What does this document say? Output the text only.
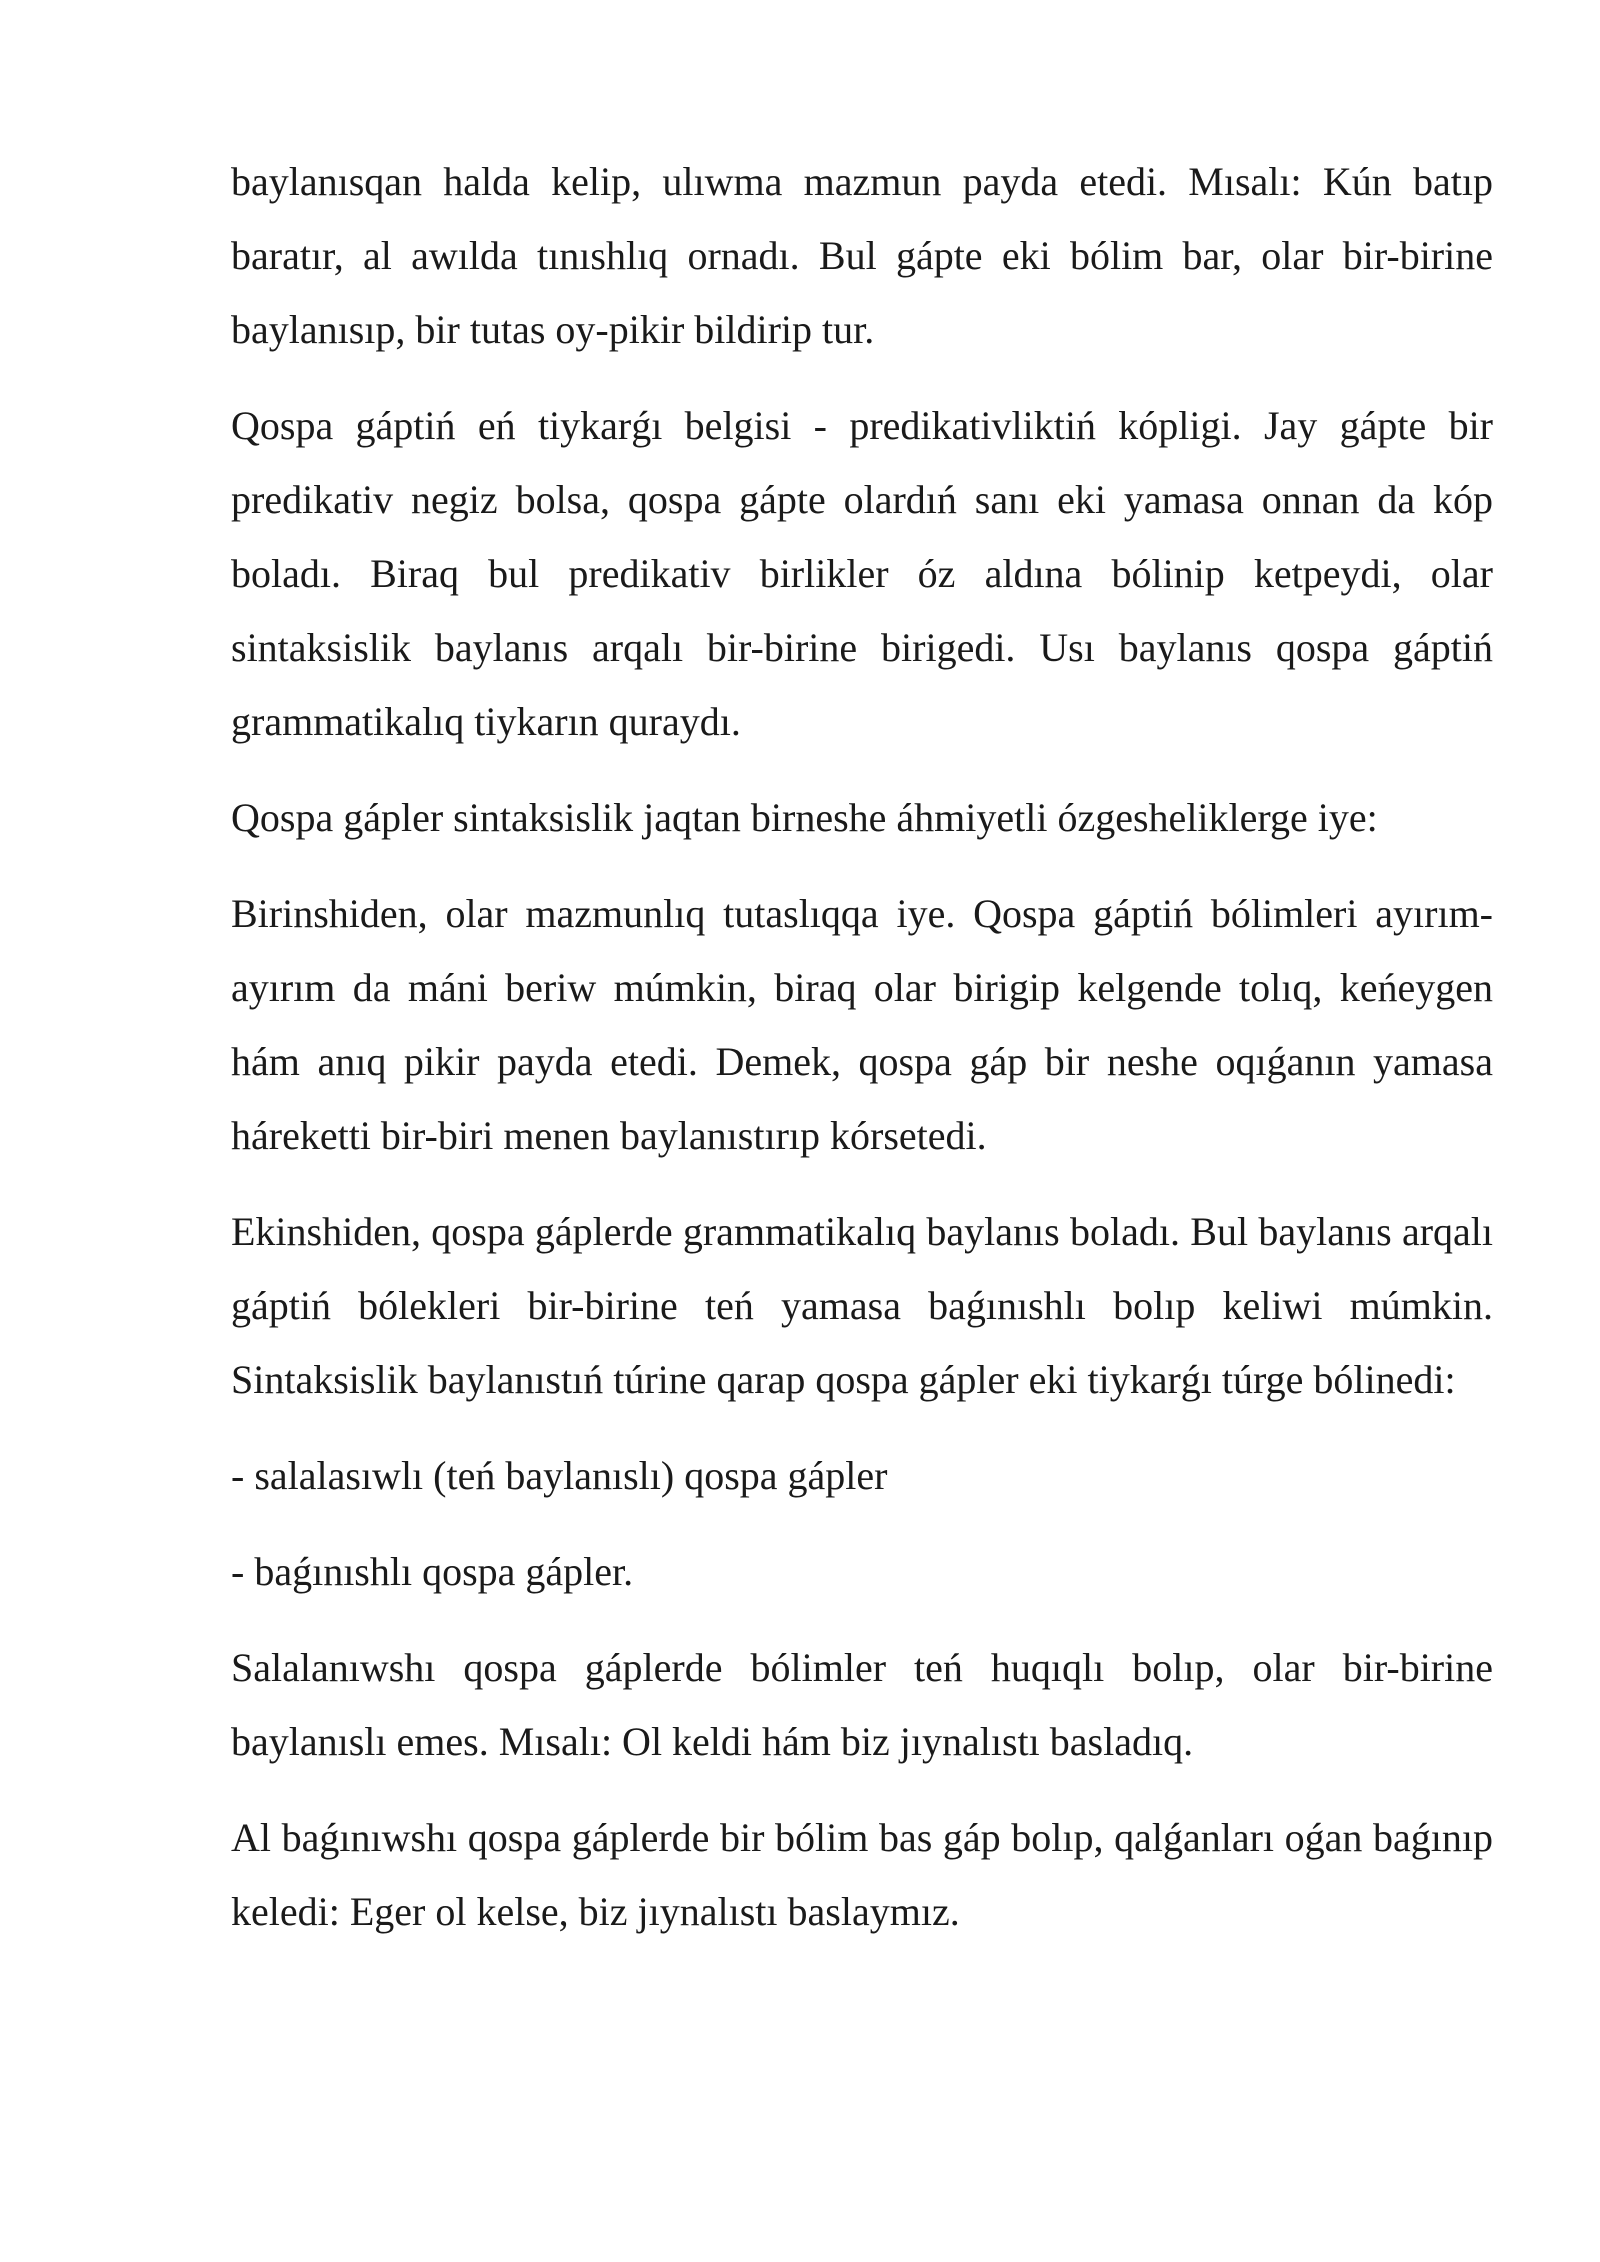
baylanısqan halda kelip, ulıwma mazmun payda etedi. Mısalı: Kún batıp baratır, al awılda tınıshlıq ornadı. Bul gápte eki bólim bar, olar bir-birine baylanısıp, bir tutas oy-pikir bildirip tur.

Qospa gáptiń eń tiykarǵı belgisi - predikativliktiń kópligi. Jay gápte bir predikativ negiz bolsa, qospa gápte olardıń sanı eki yamasa onnan da kóp boladı. Biraq bul predikativ birlikler óz aldına bólinip ketpeydi, olar sintaksislik baylanıs arqalı bir-birine birigedi. Usı baylanıs qospa gáptiń grammatikalıq tiykarın quraydı.

Qospa gápler sintaksislik jaqtan birneshe áhmiyetli ózgesheliklerge iye:

Birinshiden, olar mazmunlıq tutaslıqqa iye. Qospa gáptiń bólimleri ayırım-ayırım da máni beriw múmkin, biraq olar birigip kelgende tolıq, keńeygen hám anıq pikir payda etedi. Demek, qospa gáp bir neshe oqıǵanın yamasa háreketti bir-biri menen baylanıstırıp kórsetedi.

Ekinshiden, qospa gáplerde grammatikalıq baylanıs boladı. Bul baylanıs arqalı gáptiń bólekleri bir-birine teń yamasa baǵınıshlı bolıp keliwi múmkin. Sintaksislik baylanıstıń túrine qarap qospa gápler eki tiykarǵı túrge bólinedi:

- salalasıwlı (teń baylanıslı) qospa gápler

- baǵınıshlı qospa gápler.

Salalanıwshı qospa gáplerde bólimler teń huqıqlı bolıp, olar bir-birine baylanıslı emes. Mısalı: Ol keldi hám biz jıynalıstı basladıq.

Al baǵınıwshı qospa gáplerde bir bólim bas gáp bolıp, qalǵanları oǵan baǵınıp keledi: Eger ol kelse, biz jıynalıstı baslaymız.
